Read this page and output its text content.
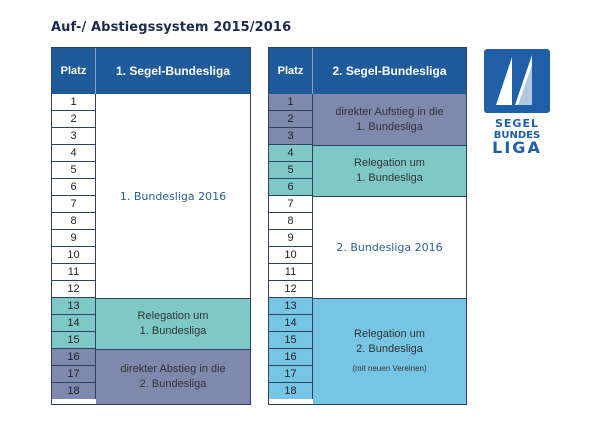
Auf-/ Abstiegssystem 2015/2016
Platz	1. Segel-Bundesliga
1
2
3
4
5
6
7
8
9
10
11
12
13
14
15
16
17
18
1. Bundesliga 2016
Relegation um
1. Bundesliga
direkter Abstieg in die
2. Bundesliga
Platz	2. Segel-Bundesliga
1
2
3
4
5
6
7
8
9
10
11
12
13
14
15
16
17
18
direkter Aufstieg in die
1. Bundesliga
Relegation um
1. Bundesliga
2. Bundesliga 2016
Relegation um
2. Bundesliga
(mit neuen Vereinen)
SEGEL
BUNDES
LIGA
